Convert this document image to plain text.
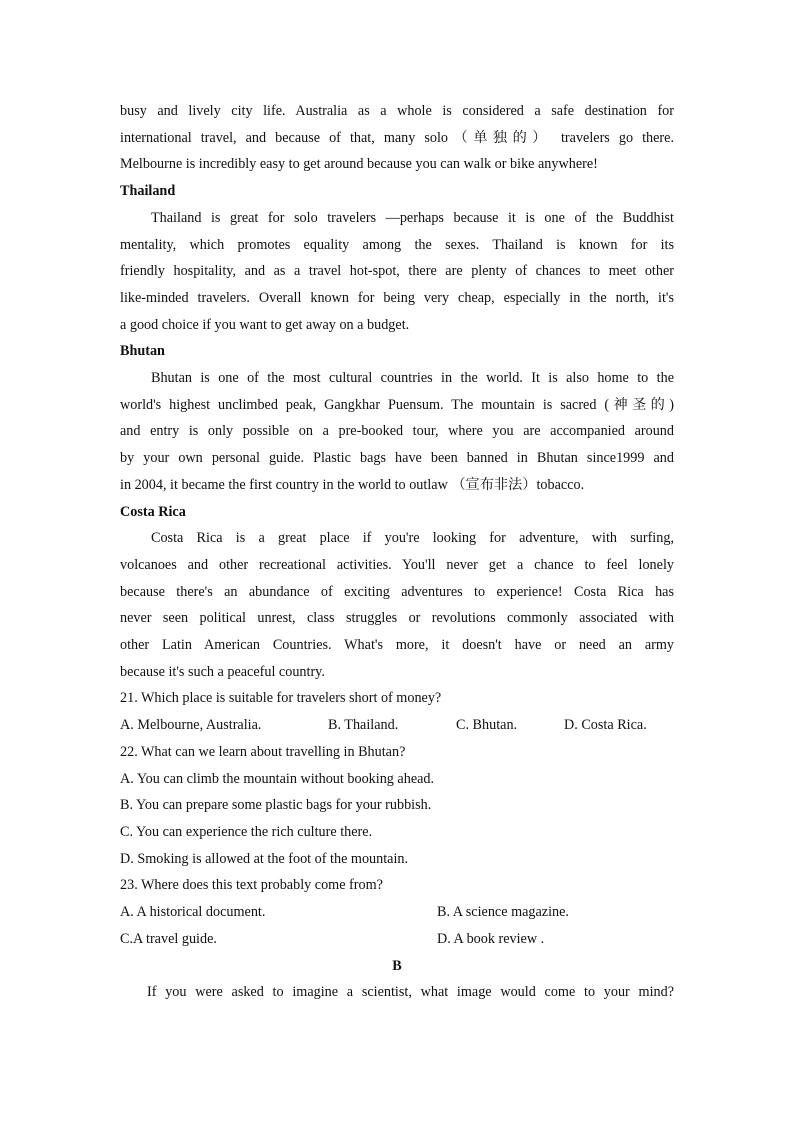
busy and lively city life. Australia as a whole is considered a safe destination for

international travel, and because of that, many solo（单独的） travelers go there.

Melbourne is incredibly easy to get around because you can walk or bike anywhere!

Thailand

Thailand is great for solo travelers —perhaps because it is one of the Buddhist

mentality, which promotes equality among the sexes. Thailand is known for its

friendly hospitality, and as a travel hot-spot, there are plenty of chances to meet other

like-minded travelers. Overall known for being very cheap, especially in the north, it's

a good choice if you want to get away on a budget.

Bhutan

Bhutan is one of the most cultural countries in the world. It is also home to the

world's highest unclimbed peak, Gangkhar Puensum. The mountain is sacred (神圣的)

and entry is only possible on a pre-booked tour, where you are accompanied around

by your own personal guide. Plastic bags have been banned in Bhutan since1999 and

in 2004, it became the first country in the world to outlaw （宣布非法）tobacco.

Costa Rica

Costa Rica is a great place if you're looking for adventure, with surfing,

volcanoes and other recreational activities. You'll never get a chance to feel lonely

because there's an abundance of exciting adventures to experience! Costa Rica has

never seen political unrest, class struggles or revolutions commonly associated with

other Latin American Countries. What's more, it doesn't have or need an army

because it's such a peaceful country.

21. Which place is suitable for travelers short of money?

A. Melbourne, Australia.	B. Thailand.	C. Bhutan.	D. Costa Rica.

22. What can we learn about travelling in Bhutan?

A. You can climb the mountain without booking ahead.

B. You can prepare some plastic bags for your rubbish.

C. You can experience the rich culture there.

D. Smoking is allowed at the foot of the mountain.

23. Where does this text probably come from?

A. A historical document.	B. A science magazine.
C.A travel guide.	D. A book review .

B

If you were asked to imagine a scientist, what image would come to your mind?
